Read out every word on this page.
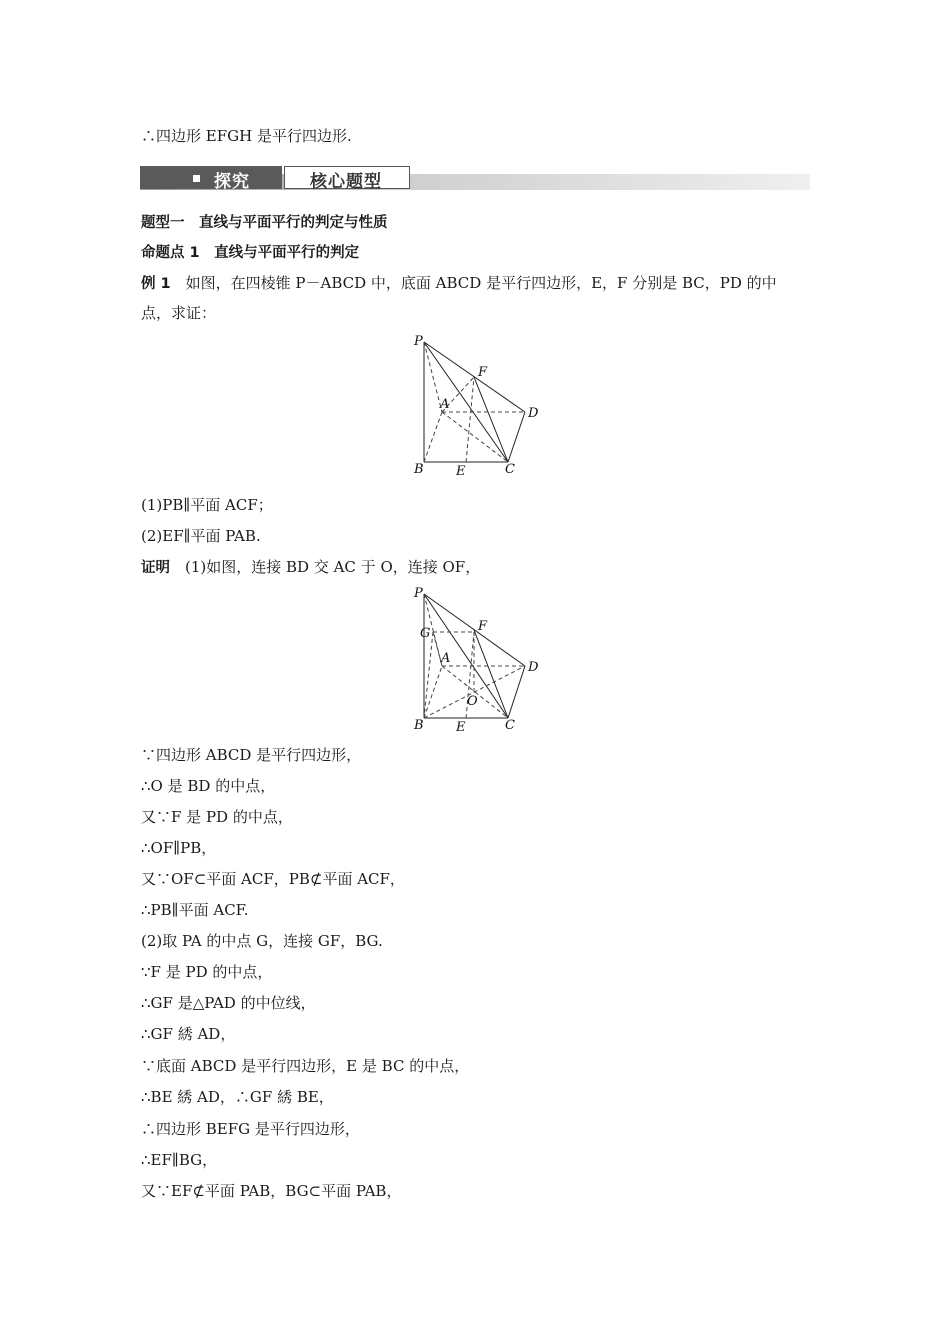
∴四边形 EFGH 是平行四边形.
探究	核心题型
题型一　直线与平面平行的判定与性质
命题点 1　直线与平面平行的判定
例 1　如图，在四棱锥 P－ABCD 中，底面 ABCD 是平行四边形，E，F 分别是 BC，PD 的中
点，求证：
P
F
A
D
B E	C
(1)PB∥平面 ACF；
(2)EF∥平面 PAB.
证明　(1)如图，连接 BD 交 AC 于 O，连接 OF，
P
G	F
A
D
O
B E	C
∵四边形 ABCD 是平行四边形，
∴O 是 BD 的中点，
又∵F 是 PD 的中点，
∴OF∥PB，
又∵OF⊂平面 ACF，PB⊄平面 ACF，
∴PB∥平面 ACF.
(2)取 PA 的中点 G，连接 GF，BG.
∵F 是 PD 的中点，
∴GF 是△PAD 的中位线，
∴GF 綉 AD，
∵底面 ABCD 是平行四边形，E 是 BC 的中点，
∴BE 綉 AD，∴GF 綉 BE，
∴四边形 BEFG 是平行四边形，
∴EF∥BG，
又∵EF⊄平面 PAB，BG⊂平面 PAB，
